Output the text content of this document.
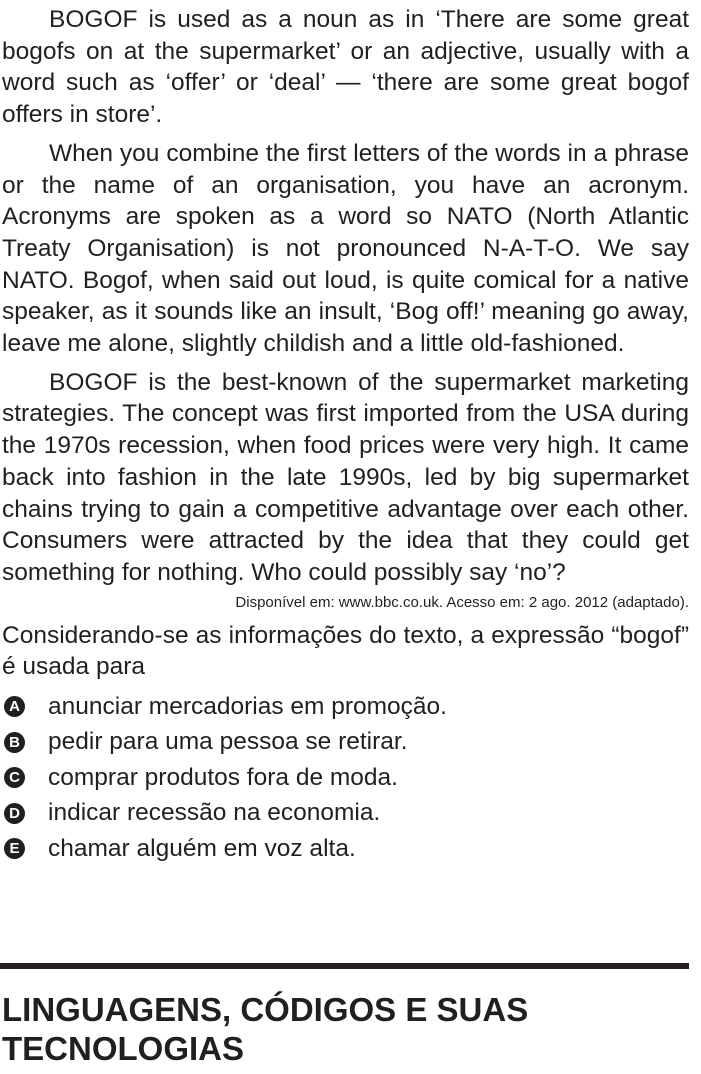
BOGOF is used as a noun as in ‘There are some great bogofs on at the supermarket’ or an adjective, usually with a word such as ‘offer’ or ‘deal’ — ‘there are some great bogof offers in store’.

When you combine the first letters of the words in a phrase or the name of an organisation, you have an acronym. Acronyms are spoken as a word so NATO (North Atlantic Treaty Organisation) is not pronounced N-A-T-O. We say NATO. Bogof, when said out loud, is quite comical for a native speaker, as it sounds like an insult, ‘Bog off!’ meaning go away, leave me alone, slightly childish and a little old-fashioned.

BOGOF is the best-known of the supermarket marketing strategies. The concept was first imported from the USA during the 1970s recession, when food prices were very high. It came back into fashion in the late 1990s, led by big supermarket chains trying to gain a competitive advantage over each other. Consumers were attracted by the idea that they could get something for nothing. Who could possibly say ‘no’?

Disponível em: www.bbc.co.uk. Acesso em: 2 ago. 2012 (adaptado).

Considerando-se as informações do texto, a expressão “bogof” é usada para

A anunciar mercadorias em promoção.
B pedir para uma pessoa se retirar.
C comprar produtos fora de moda.
D indicar recessão na economia.
E chamar alguém em voz alta.
LINGUAGENS, CÓDIGOS E SUAS TECNOLOGIAS
